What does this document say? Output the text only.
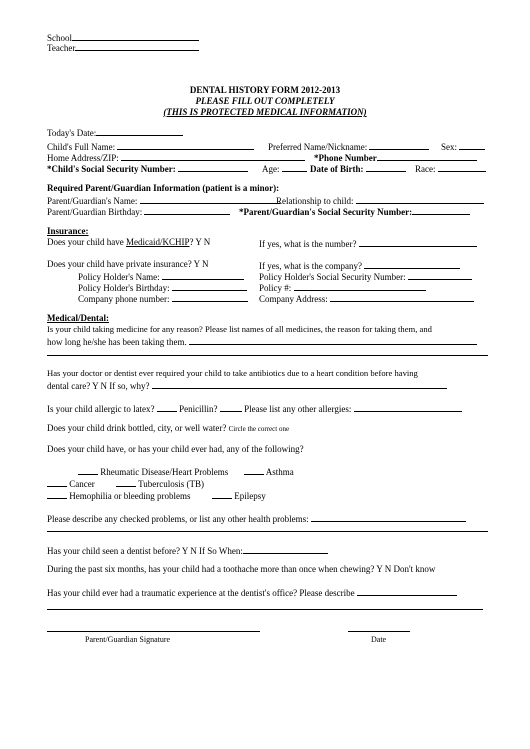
School
Teacher
DENTAL HISTORY FORM 2012-2013
PLEASE FILL OUT COMPLETELY
(THIS IS PROTECTED MEDICAL INFORMATION)
Today's Date:
Child's Full Name:	Preferred Name/Nickname:	Sex:
Home Address/ZIP:	*Phone Number
*Child's Social Security Number:	Age:	Date of Birth:	Race:
Required Parent/Guardian Information (patient is a minor):
Parent/Guardian's Name:	Relationship to child:
Parent/Guardian Birthday:	*Parent/Guardian's Social Security Number:
Insurance:
Does your child have Medicaid/KCHIP? Y N	If yes, what is the number?
Does your child have private insurance? Y N	If yes, what is the company?
Policy Holder's Name:	Policy Holder's Social Security Number:
Policy Holder's Birthday:	Policy #:
Company phone number:	Company Address:
Medical/Dental:
Is your child taking medicine for any reason? Please list names of all medicines, the reason for taking them, and
how long he/she has been taking them.
Has your doctor or dentist ever required your child to take antibiotics due to a heart condition before having
dental care? Y N If so, why?
Is your child allergic to latex?	Penicillin?	Please list any other allergies:
Does your child drink bottled, city, or well water? Circle the correct one
Does your child have, or has your child ever had, any of the following?
Rheumatic Disease/Heart Problems	Asthma
Cancer	Tuberculosis (TB)
Hemophilia or bleeding problems	Epilepsy
Please describe any checked problems, or list any other health problems:
Has your child seen a dentist before? Y N If So When:
During the past six months, has your child had a toothache more than once when chewing? Y N Don't know
Has your child ever had a traumatic experience at the dentist's office? Please describe
Parent/Guardian Signature	Date
